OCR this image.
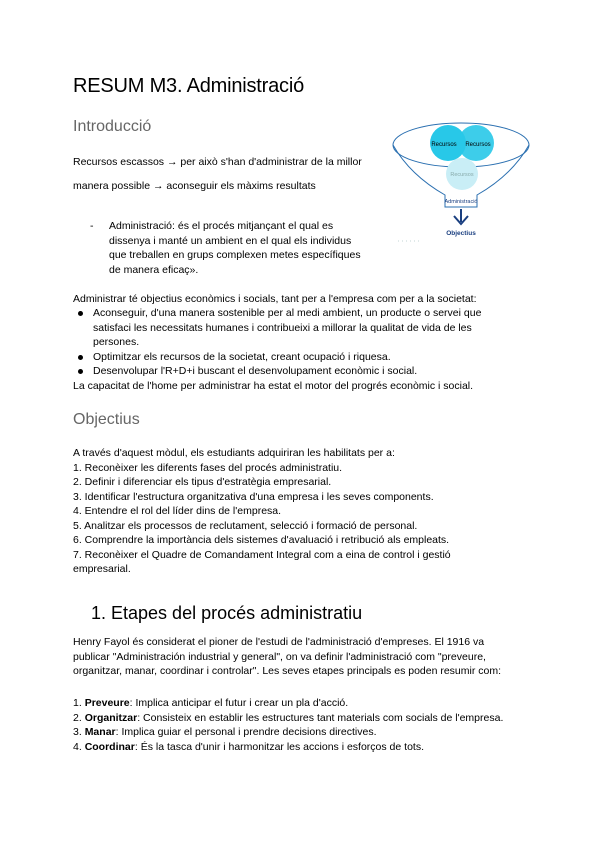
RESUM M3. Administració
Introducció
Recursos escassos → per això s'han d'administrar de la millor
manera possible → aconseguir els màxims resultats
- Administració: és el procés mitjançant el qual es
dissenya i manté un ambient en el qual els individus
que treballen en grups complexen metes específiques
de manera eficaç».
Administrar té objectius econòmics i socials, tant per a l'empresa com per a la societat:
Aconseguir, d'una manera sostenible per al medi ambient, un producte o servei que
satisfaci les necessitats humanes i contribueixi a millorar la qualitat de vida de les
persones.
Optimitzar els recursos de la societat, creant ocupació i riquesa.
Desenvolupar l'R+D+i buscant el desenvolupament econòmic i social.
La capacitat de l'home per administrar ha estat el motor del progrés econòmic i social.
Recursos Recursos
Recursos
Administració
Objectius
Objectius
A través d'aquest mòdul, els estudiants adquiriran les habilitats per a:
1. Reconèixer les diferents fases del procés administratiu.
2. Definir i diferenciar els tipus d'estratègia empresarial.
3. Identificar l'estructura organitzativa d'una empresa i les seves components.
4. Entendre el rol del líder dins de l'empresa.
5. Analitzar els processos de reclutament, selecció i formació de personal.
6. Comprendre la importància dels sistemes d'avaluació i retribució als empleats.
7. Reconèixer el Quadre de Comandament Integral com a eina de control i gestió
empresarial.
1. Etapes del procés administratiu
Henry Fayol és considerat el pioner de l'estudi de l'administració d'empreses. El 1916 va
publicar "Administración industrial y general", on va definir l'administració com "preveure,
organitzar, manar, coordinar i controlar". Les seves etapes principals es poden resumir com:
1. Preveure: Implica anticipar el futur i crear un pla d'acció.
2. Organitzar: Consisteix en establir les estructures tant materials com socials de l'empresa.
3. Manar: Implica guiar el personal i prendre decisions directives.
4. Coordinar: És la tasca d'unir i harmonitzar les accions i esforços de tots.
